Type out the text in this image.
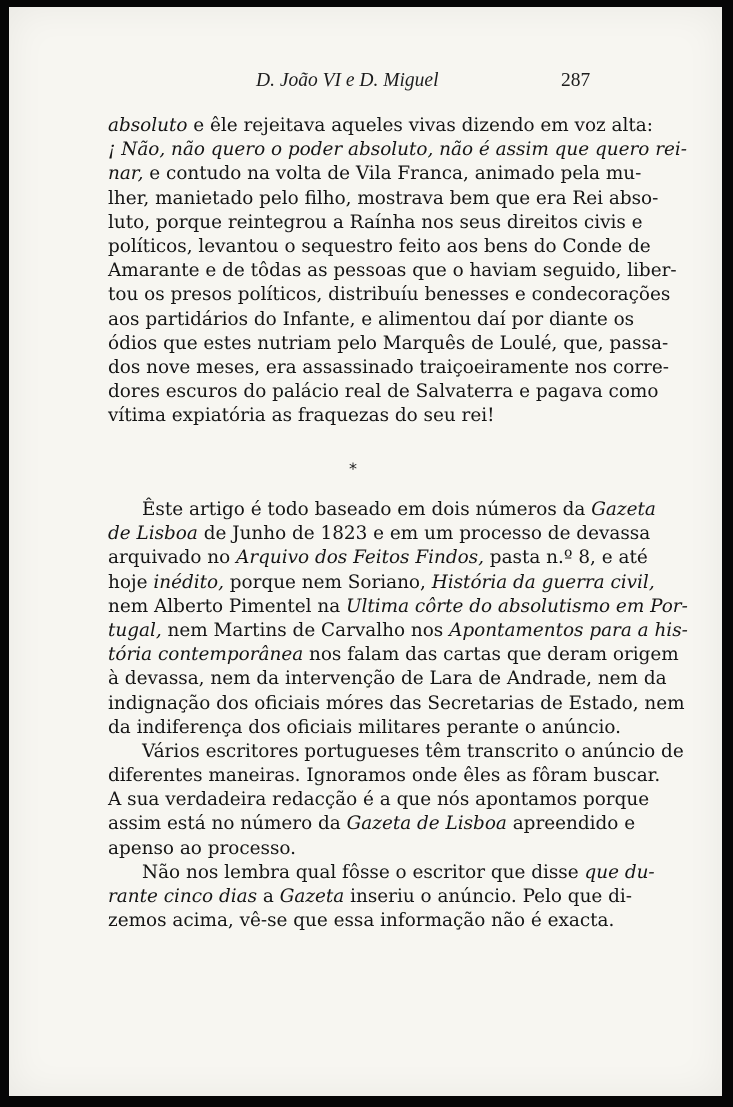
D. João VI e D. Miguel	287
absoluto e êle rejeitava aqueles vivas dizendo em voz alta:
¡ Não, não quero o poder absoluto, não é assim que quero rei-
nar, e contudo na volta de Vila Franca, animado pela mu-
lher, manietado pelo filho, mostrava bem que era Rei abso-
luto, porque reintegrou a Raínha nos seus direitos civis e
políticos, levantou o sequestro feito aos bens do Conde de
Amarante e de tôdas as pessoas que o haviam seguido, liber-
tou os presos políticos, distribuíu benesses e condecorações
aos partidários do Infante, e alimentou daí por diante os
ódios que estes nutriam pelo Marquês de Loulé, que, passa-
dos nove meses, era assassinado traiçoeiramente nos corre-
dores escuros do palácio real de Salvaterra e pagava como
vítima expiatória as fraquezas do seu rei!
*
Êste artigo é todo baseado em dois números da Gazeta
de Lisboa de Junho de 1823 e em um processo de devassa
arquivado no Arquivo dos Feitos Findos, pasta n.º 8, e até
hoje inédito, porque nem Soriano, História da guerra civil,
nem Alberto Pimentel na Ultima côrte do absolutismo em Por-
tugal, nem Martins de Carvalho nos Apontamentos para a his-
tória contemporânea nos falam das cartas que deram origem
à devassa, nem da intervenção de Lara de Andrade, nem da
indignação dos oficiais móres das Secretarias de Estado, nem
da indiferença dos oficiais militares perante o anúncio.
Vários escritores portugueses têm transcrito o anúncio de
diferentes maneiras. Ignoramos onde êles as fôram buscar.
A sua verdadeira redacção é a que nós apontamos porque
assim está no número da Gazeta de Lisboa apreendido e
apenso ao processo.
Não nos lembra qual fôsse o escritor que disse que du-
rante cinco dias a Gazeta inseriu o anúncio. Pelo que di-
zemos acima, vê-se que essa informação não é exacta.
